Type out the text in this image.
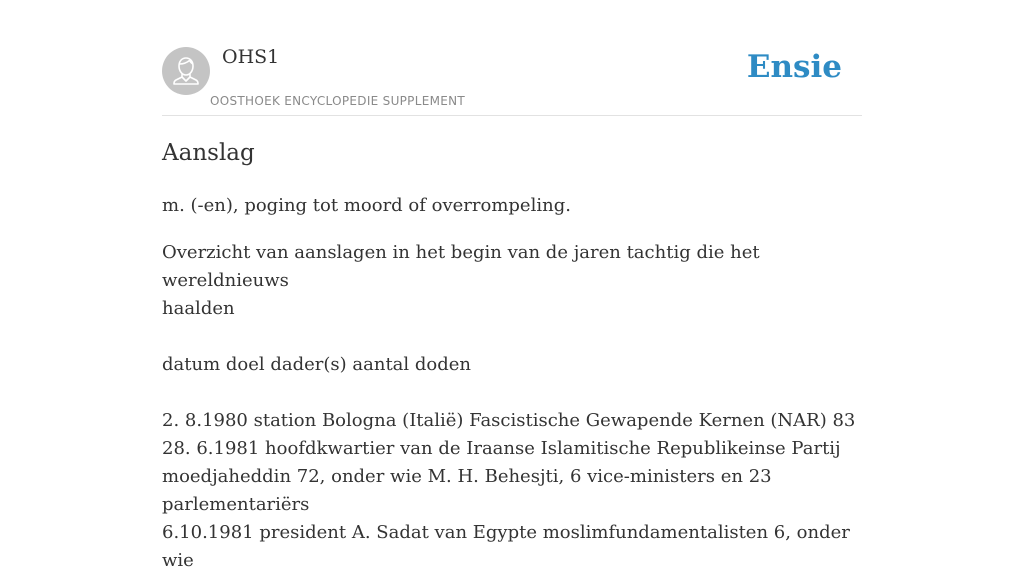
OHS1
OOSTHOEK ENCYCLOPEDIE SUPPLEMENT
Ensie
Aanslag

m. (-en), poging tot moord of overrompeling.

Overzicht van aanslagen in het begin van de jaren tachtig die het wereldnieuws

haalden

datum doel dader(s) aantal doden

2. 8.1980 station Bologna (Italië) Fascistische Gewapende Kernen (NAR) 83

28. 6.1981 hoofdkwartier van de Iraanse Islamitische Republikeinse Partij

moedjaheddin 72, onder wie M. H. Behesjti, 6 vice-ministers en 23

parlementariërs

6.10.1981 president A. Sadat van Egypte moslimfundamentalisten 6, onder wie
